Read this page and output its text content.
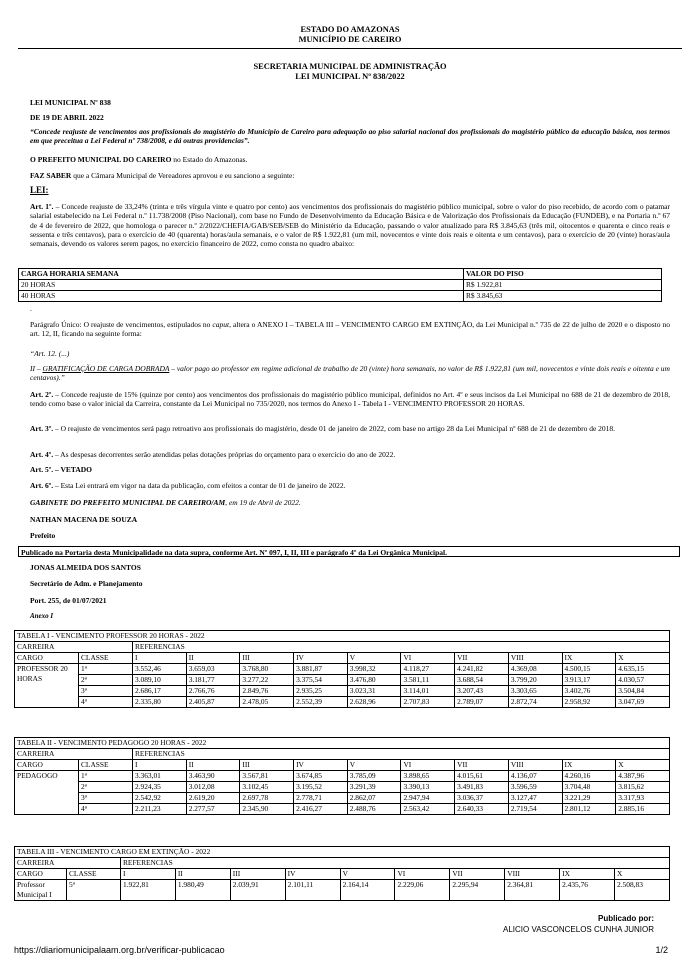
ESTADO DO AMAZONAS
MUNICÍPIO DE CAREIRO
SECRETARIA MUNICIPAL DE ADMINISTRAÇÃO
LEI MUNICIPAL Nº 838/2022
LEI MUNICIPAL Nº 838
DE 19 DE ABRIL 2022
“Concede reajuste de vencimentos aos profissionais do magistério do Município de Careiro para adequação ao piso salarial nacional dos profissionais do magistério público da educação básica, nos termos em que preceitua a Lei Federal nº 738/2008, e dá outras providencias”.
O PREFEITO MUNICIPAL DO CAREIRO no Estado do Amazonas.
FAZ SABER que a Câmara Municipal de Vereadores aprovou e eu sanciono a seguinte:
LEI:
Art. 1º. – Concede reajuste de 33,24% (trinta e três vírgula vinte e quatro por cento) aos vencimentos dos profissionais do magistério público municipal, sobre o valor do piso recebido, de acordo com o patamar salarial estabelecido na Lei Federal n.º 11.738/2008 (Piso Nacional), com base no Fundo de Desenvolvimento da Educação Básica e de Valorização dos Profissionais da Educação (FUNDEB), e na Portaria n.º 67 de 4 de fevereiro de 2022, que homologa o parecer n.º 2/2022/CHEFIA/GAB/SEB/SEB do Ministério da Educação, passando o valor atualizado para R$ 3.845,63 (três mil, oitocentos e quarenta e cinco reais e sessenta e três centavos), para o exercício de 40 (quarenta) horas/aula semanais, e o valor de R$ 1.922,81 (um mil, novecentos e vinte dois reais e oitenta e um centavos), para o exercício de 20 (vinte) horas/aula semanais, devendo os valores serem pagos, no exercício financeiro de 2022, como consta no quadro abaixo:
CARGA HORARIA SEMANA	VALOR DO PISO
20 HORAS	R$ 1.922,81
40 HORAS	R$ 3.845,63
.
Parágrafo Único: O reajuste de vencimentos, estipulados no caput, altera o ANEXO I – TABELA III – VENCIMENTO CARGO EM EXTINÇÃO, da Lei Municipal n.º 735 de 22 de julho de 2020 e o disposto no art. 12, II, ficando na seguinte forma:
“Art. 12. (...)
II – GRATIFICAÇÃO DE CARGA DOBRADA – valor pago ao professor em regime adicional de trabalho de 20 (vinte) hora semanais, no valor de R$ 1.922,81 (um mil, novecentos e vinte dois reais e oitenta e um centavos).”
Art. 2º. – Concede reajuste de 15% (quinze por cento) aos vencimentos dos profissionais do magistério público municipal, definidos no Art. 4º e seus incisos da Lei Municipal no 688 de 21 de dezembro de 2018, tendo como base o valor inicial da Carreira, constante da Lei Municipal no 735/2020, nos termos do Anexo I - Tabela I - VENCIMENTO PROFESSOR 20 HORAS.
Art. 3º. – O reajuste de vencimentos será pago retroativo aos profissionais do magistério, desde 01 de janeiro de 2022, com base no artigo 28 da Lei Municipal nº 688 de 21 de dezembro de 2018.
Art. 4º. – As despesas decorrentes serão atendidas pelas dotações próprias do orçamento para o exercício do ano de 2022.
Art. 5º. – VETADO
Art. 6º. – Esta Lei entrará em vigor na data da publicação, com efeitos a contar de 01 de janeiro de 2022.
GABINETE DO PREFEITO MUNICIPAL DE CAREIRO/AM, em 19 de Abril de 2022.
NATHAN MACENA DE SOUZA
Prefeito
Publicado na Portaria desta Municipalidade na data supra, conforme Art. Nº 097, I, II, III e parágrafo 4º da Lei Orgânica Municipal.
JONAS ALMEIDA DOS SANTOS
Secretário de Adm. e Planejamento
Port. 255, de 01/07/2021
Anexo I
TABELA I - VENCIMENTO PROFESSOR 20 HORAS - 2022											
CARREIRA		REFERENCIAS									
CARGO	CLASSE	I	II	III	IV	V	VI	VII	VIII	IX	X
PROFESSOR 20 HORAS	1ª	3.552,46	3.659,03	3.768,80	3.881,87	3.998,32	4.118,27	4.241,82	4.369,08	4.500,15	4.635,15
	2ª	3.089,10	3.181,77	3.277,22	3.375,54	3.476,80	3.581,11	3.688,54	3.799,20	3.913,17	4.030,57
	3ª	2.686,17	2.766,76	2.849,76	2.935,25	3.023,31	3.114,01	3.207,43	3.303,65	3.402,76	3.504,84
	4ª	2.335,80	2.405,87	2.478,05	2.552,39	2.628,96	2.707,83	2.789,07	2.872,74	2.958,92	3.047,69
TABELA II - VENCIMENTO PEDAGOGO 20 HORAS - 2022											
CARREIRA		REFERENCIAS									
CARGO	CLASSE	I	II	III	IV	V	VI	VII	VIII	IX	X
PEDAGOGO	1ª	3.363,01	3.463,90	3.567,81	3.674,85	3.785,09	3.898,65	4.015,61	4.136,07	4.260,16	4.387,96
	2ª	2.924,35	3.012,08	3.102,45	3.195,52	3.291,39	3.390,13	3.491,83	3.596,59	3.704,48	3.815,62
	3ª	2.542,92	2.619,20	2.697,78	2.778,71	2.862,07	2.947,94	3.036,37	3.127,47	3.221,29	3.317,93
	4ª	2.211,23	2.277,57	2.345,90	2.416,27	2.488,76	2.563,42	2.640,33	2.719,54	2.801,12	2.885,16
TABELA III - VENCIMENTO CARGO EM EXTINÇÃO - 2022											
CARREIRA		REFERENCIAS									
CARGO	CLASSE	I	II	III	IV	V	VI	VII	VIII	IX	X
Professor Municipal I	5ª	1.922,81	1.980,49	2.039,91	2.101,11	2.164,14	2.229,06	2.295,94	2.364,81	2.435,76	2.508,83
Publicado por:
ALICIO VASCONCELOS CUNHA JUNIOR
https://diariomunicipalaam.org.br/verificar-publicacao	1/2
